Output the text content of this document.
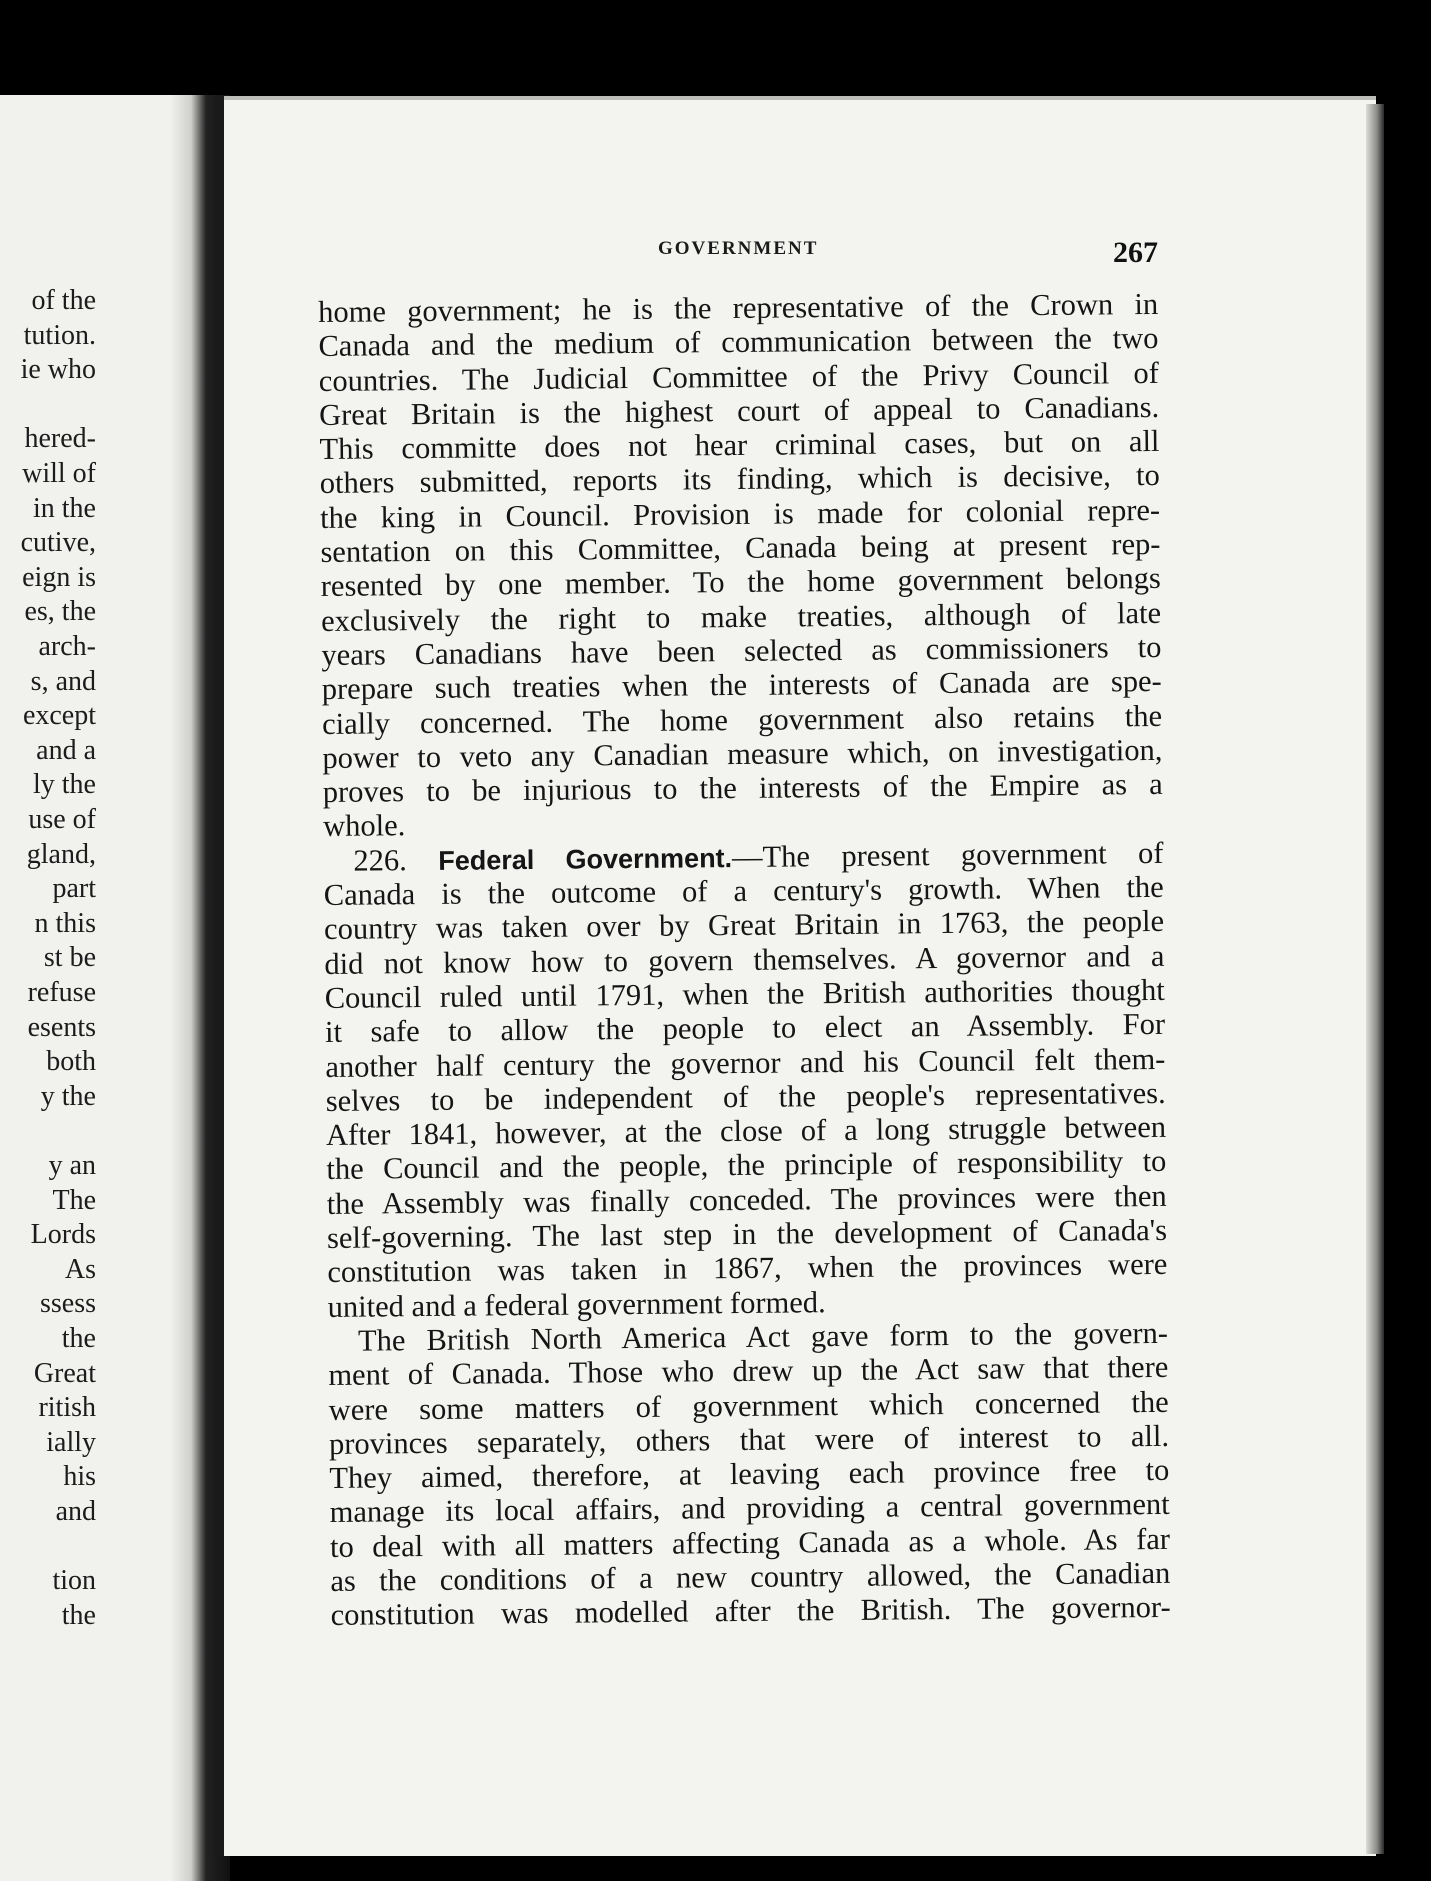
of the
tution.
ie who
hered-
will of
in the
cutive,
eign is
es, the
arch-
s, and
except
and a
ly the
use of
gland,
part
n this
st be
refuse
esents
both
y the
y an
The
Lords
As
ssess
the
Great
ritish
ially
his
and
tion
the
GOVERNMENT	267
home government; he is the representative of the Crown in
Canada and the medium of communication between the two
countries. The Judicial Committee of the Privy Council of
Great Britain is the highest court of appeal to Canadians.
This committe does not hear criminal cases, but on all
others submitted, reports its finding, which is decisive, to
the king in Council. Provision is made for colonial repre-
sentation on this Committee, Canada being at present rep-
resented by one member. To the home government belongs
exclusively the right to make treaties, although of late
years Canadians have been selected as commissioners to
prepare such treaties when the interests of Canada are spe-
cially concerned. The home government also retains the
power to veto any Canadian measure which, on investigation,
proves to be injurious to the interests of the Empire as a
whole.
226. Federal Government.—The present government of
Canada is the outcome of a century's growth. When the
country was taken over by Great Britain in 1763, the people
did not know how to govern themselves. A governor and a
Council ruled until 1791, when the British authorities thought
it safe to allow the people to elect an Assembly. For
another half century the governor and his Council felt them-
selves to be independent of the people's representatives.
After 1841, however, at the close of a long struggle between
the Council and the people, the principle of responsibility to
the Assembly was finally conceded. The provinces were then
self-governing. The last step in the development of Canada's
constitution was taken in 1867, when the provinces were
united and a federal government formed.
The British North America Act gave form to the govern-
ment of Canada. Those who drew up the Act saw that there
were some matters of government which concerned the
provinces separately, others that were of interest to all.
They aimed, therefore, at leaving each province free to
manage its local affairs, and providing a central government
to deal with all matters affecting Canada as a whole. As far
as the conditions of a new country allowed, the Canadian
constitution was modelled after the British. The governor-
